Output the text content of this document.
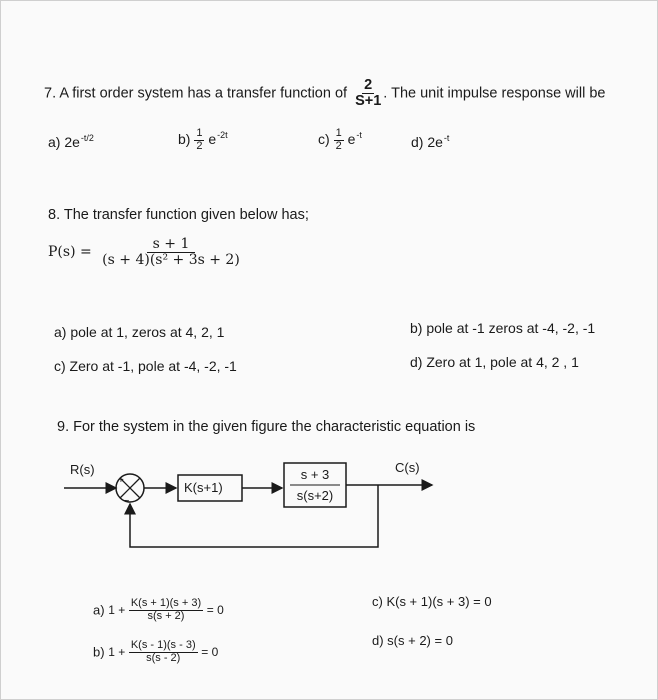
7. A first order system has a transfer function of $\frac{2}{S+1}$ . The unit impulse response will be
a) $2e^{-t/2}$	$b) \frac{1}{2} e^{-2t}$	$c) \frac{1}{2} e^{-t}$	d) $2e^{-t}$
8. The transfer function given below has;
$P(s) = \frac{s + 1}{\text{(s + 4)(s² + 3s + 2)}}$
a) pole at 1, zeros at 4, 2, 1	b) pole at -1 zeros at -4, -2, -1
c) Zero at -1, pole at -4, -2, -1	d) Zero at 1, pole at 4, 2 , 1
9. For the system in the given figure the characteristic equation is
R(s)	C(s)
+
−
K(s+1)
s + 3
s(s+2)
a) $1 + \frac{K(s + 1)(s + 3)}{s(s + 2)} = 0$
b) $1 + \frac{K(s - 1)(s - 3)}{s(s - 2)} = 0$
c) K(s + 1)(s + 3) = 0
d) s(s + 2) = 0
